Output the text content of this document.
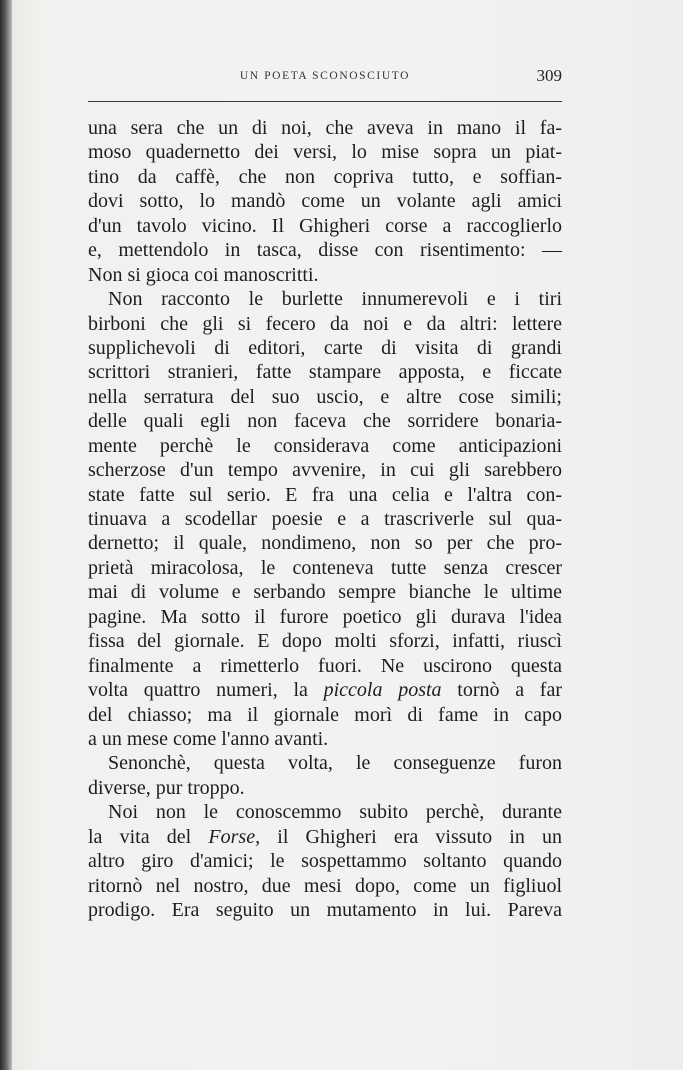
UN POETA SCONOSCIUTO	309
una sera che un di noi, che aveva in mano il fa-
moso quadernetto dei versi, lo mise sopra un piat-
tino da caffè, che non copriva tutto, e soffian-
dovi sotto, lo mandò come un volante agli amici
d'un tavolo vicino. Il Ghigheri corse a raccoglierlo
e, mettendolo in tasca, disse con risentimento: —
Non si gioca coi manoscritti.
Non racconto le burlette innumerevoli e i tiri
birboni che gli si fecero da noi e da altri: lettere
supplichevoli di editori, carte di visita di grandi
scrittori stranieri, fatte stampare apposta, e ficcate
nella serratura del suo uscio, e altre cose simili;
delle quali egli non faceva che sorridere bonaria-
mente perchè le considerava come anticipazioni
scherzose d'un tempo avvenire, in cui gli sarebbero
state fatte sul serio. E fra una celia e l'altra con-
tinuava a scodellar poesie e a trascriverle sul qua-
dernetto; il quale, nondimeno, non so per che pro-
prietà miracolosa, le conteneva tutte senza crescer
mai di volume e serbando sempre bianche le ultime
pagine. Ma sotto il furore poetico gli durava l'idea
fissa del giornale. E dopo molti sforzi, infatti, riuscì
finalmente a rimetterlo fuori. Ne uscirono questa
volta quattro numeri, la piccola posta tornò a far
del chiasso; ma il giornale morì di fame in capo
a un mese come l'anno avanti.
Senonchè, questa volta, le conseguenze furon
diverse, pur troppo.
Noi non le conoscemmo subito perchè, durante
la vita del Forse, il Ghigheri era vissuto in un
altro giro d'amici; le sospettammo soltanto quando
ritornò nel nostro, due mesi dopo, come un figliuol
prodigo. Era seguito un mutamento in lui. Pareva
